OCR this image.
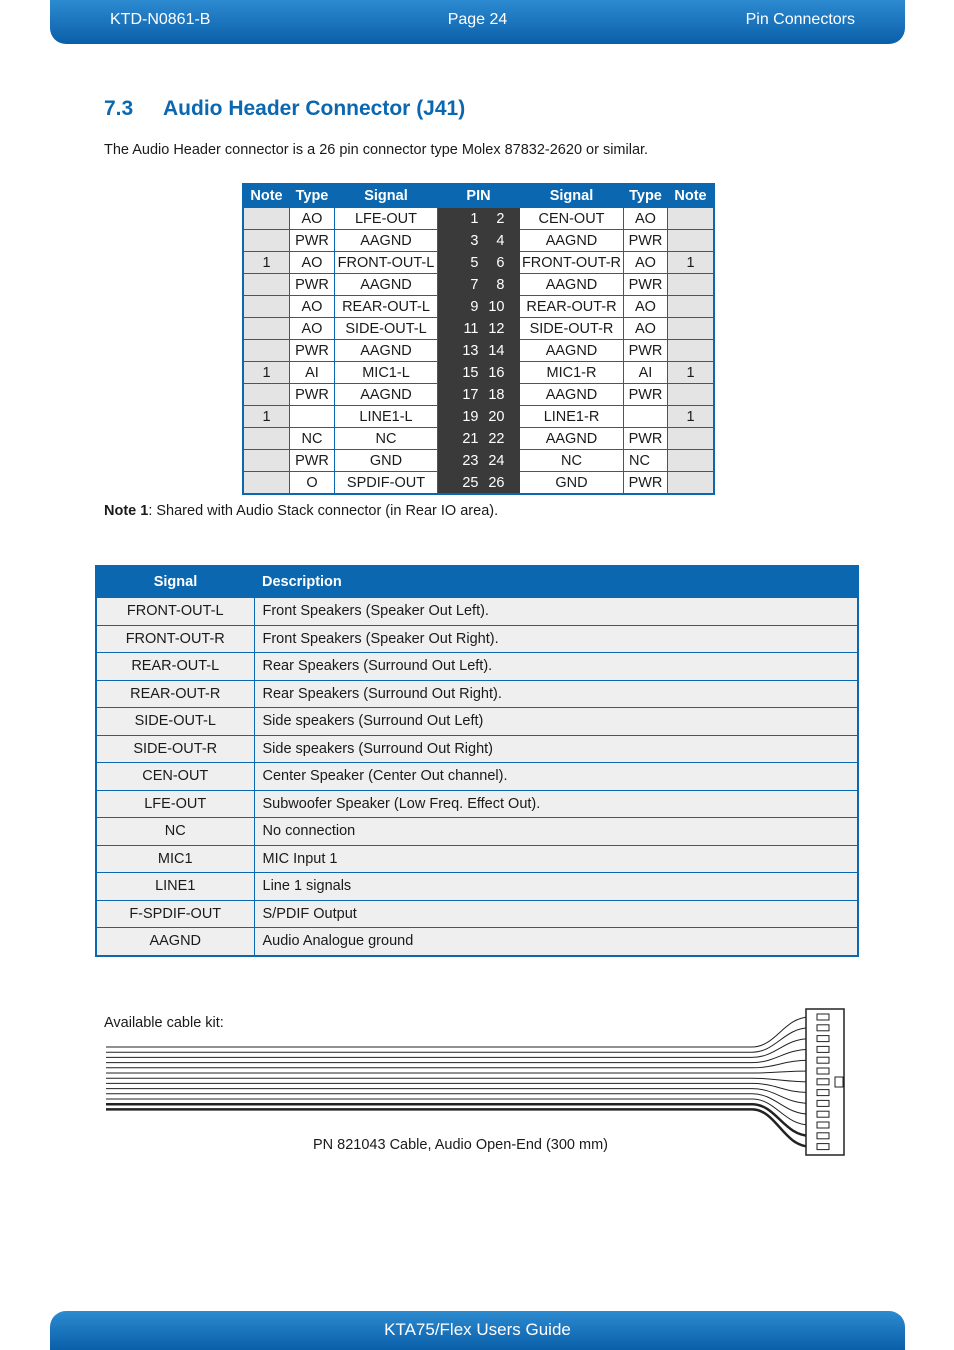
KTD-N0861-B	Page 24	Pin Connectors
7.3 Audio Header Connector (J41)
The Audio Header connector is a 26 pin connector type Molex 87832-2620 or similar.
Note	Type	Signal	PIN	Signal	Type	Note
	AO	LFE-OUT	1 2	CEN-OUT	AO	
	PWR	AAGND	3 4	AAGND	PWR	
1	AO	FRONT-OUT-L	5 6	FRONT-OUT-R	AO	1
	PWR	AAGND	7 8	AAGND	PWR	
	AO	REAR-OUT-L	9 10	REAR-OUT-R	AO	
	AO	SIDE-OUT-L	11 12	SIDE-OUT-R	AO	
	PWR	AAGND	13 14	AAGND	PWR	
1	AI	MIC1-L	15 16	MIC1-R	AI	1
	PWR	AAGND	17 18	AAGND	PWR	
1		LINE1-L	19 20	LINE1-R		1
	NC	NC	21 22	AAGND	PWR	
	PWR	GND	23 24	NC	NC	
	O	SPDIF-OUT	25 26	GND	PWR	
Note 1: Shared with Audio Stack connector (in Rear IO area).
Signal	Description
FRONT-OUT-L	Front Speakers (Speaker Out Left).
FRONT-OUT-R	Front Speakers (Speaker Out Right).
REAR-OUT-L	Rear Speakers (Surround Out Left).
REAR-OUT-R	Rear Speakers (Surround Out Right).
SIDE-OUT-L	Side speakers (Surround Out Left)
SIDE-OUT-R	Side speakers (Surround Out Right)
CEN-OUT	Center Speaker (Center Out channel).
LFE-OUT	Subwoofer Speaker (Low Freq. Effect Out).
NC	No connection
MIC1	MIC Input 1
LINE1	Line 1 signals
F-SPDIF-OUT	S/PDIF Output
AAGND	Audio Analogue ground
Available cable kit:
PN 821043 Cable, Audio Open-End (300 mm)
KTA75/Flex Users Guide
